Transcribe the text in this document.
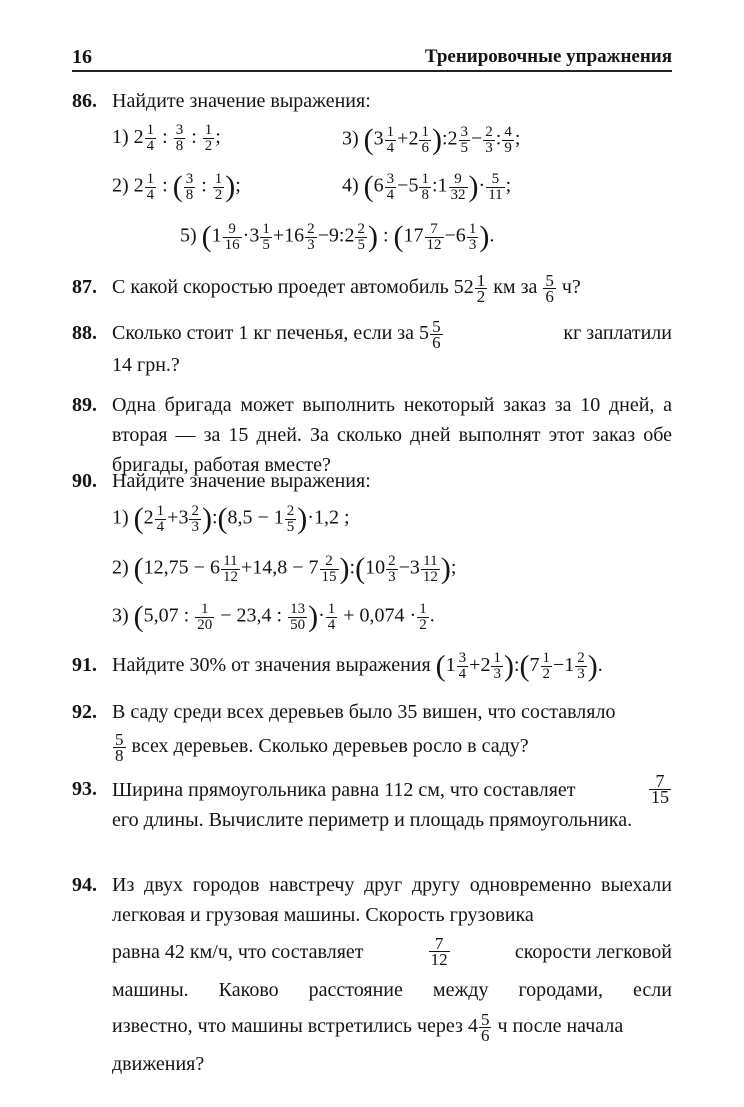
16	Тренировочные упражнения
86. Найдите значение выражения:
1) $2 \frac{1}{4}$ : $\frac{3}{8}$ : $\frac{1}{2}$ ;	3) ($3 \frac{1}{4} +2 \frac{1}{6}$ ):2 $\frac{3}{5} - \frac{2}{3}$ : $\frac{4}{9}$ ;
2) $2 \frac{1}{4}$ : ( $\frac{3}{8}$ : $\frac{1}{2}$ );	4) ($6 \frac{3}{4} -5 \frac{1}{8}$ :1 $\frac{9}{32}$ )· $\frac{5}{11}$ ;
5) ($1 \frac{9}{16} \cdot 3 \frac{1}{5} +16 \frac{2}{3}$ −9:2 $\frac{2}{5}$ ) : ($17 \frac{7}{12} -6 \frac{1}{3}$ ).
87. С какой скоростью проедет автомобиль $52 \frac{1}{2}$ км за $\frac{5}{6} ч$?
88. Сколько стоит 1 кг печенья, если за $5 \frac{5}{6}$	кг заплатили
14 грн.?
89. Одна бригада может выполнить некоторый заказ за 10 дней, а вторая — за 15 дней. За сколько дней выполнят этот заказ обе бригады, работая вместе?
90. Найдите значение выражения:
1) ($2 \frac{1}{4} +3 \frac{2}{3}$ ):(8,5 − $1 \frac{2}{5} )\cdot 1,2$ ;
2) ($12,75 - 6 \frac{11}{12} +14,8 - 7 \frac{2}{15}$ ):(10 $\frac{2}{3} -3 \frac{11}{12}$ );
3) (5,07 : $\frac{1}{20} - 23,4$ : $\frac{13}{50}$ )· $\frac{1}{4} + 0,074 \cdot \frac{1}{2}$ .
91. Найдите 30% от значения выражения ($1 \frac{3}{4} +2 \frac{1}{3}$ ):(7 $\frac{1}{2} -1 \frac{2}{3}$ ).
92. В саду среди всех деревьев было 35 вишен, что составляло
$\frac{5}{8}$ всех деревьев. Сколько деревьев росло в саду?
93. Ширина прямоугольника равна 112 см, что составляет	$\frac{7}{15}$
его длины. Вычислите периметр и площадь прямоугольника.
94. Из двух городов навстречу друг другу одновременно выехали легковая и грузовая машины. Скорость грузовика
равна 42 км/ч, что составляет	$\frac{7}{12}$	скорости легковой
машины. Каково расстояние между городами, если
известно, что машины встретились через $4 \frac{5}{6}$ ч после начала
движения?
